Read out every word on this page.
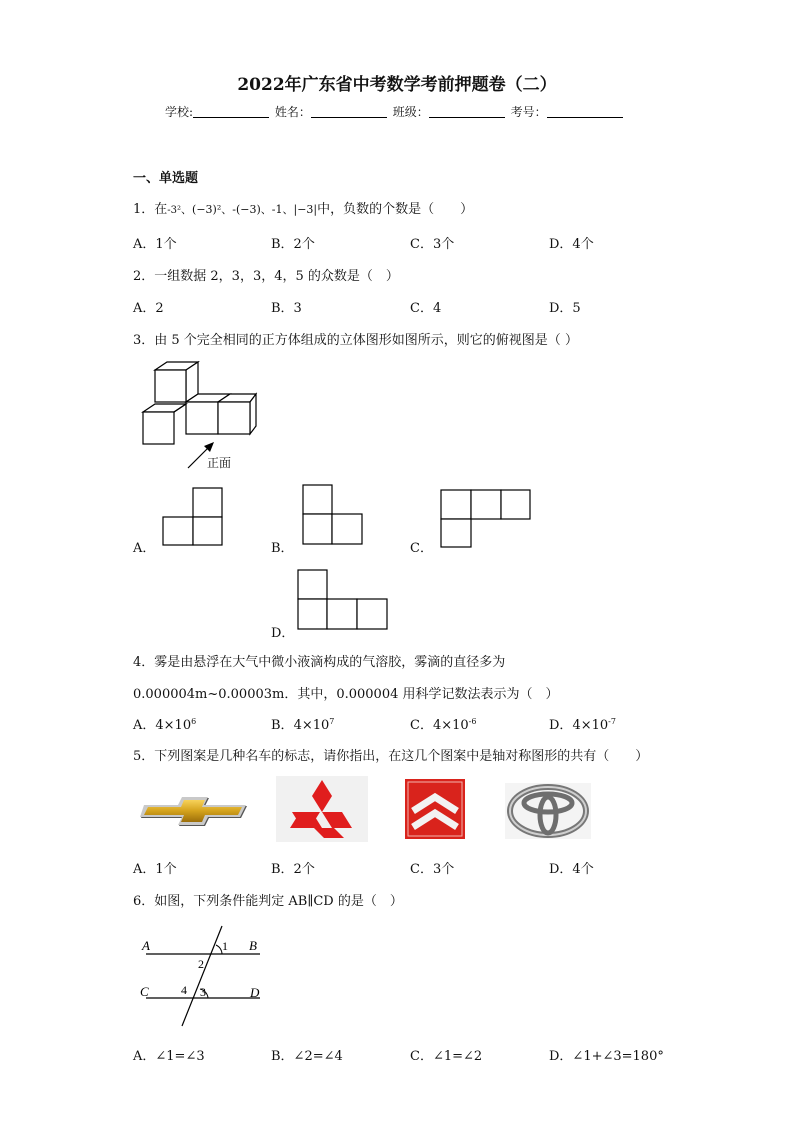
2022年广东省中考数学考前押题卷（二）
学校:	姓名：	班级：	考号：
一、单选题
1．在-3²、(−3)²、-(−3)、-1、|−3|中，负数的个数是（　　）
A．1个	B．2个	C．3个	D．4个
2．一组数据 2，3，3，4，5 的众数是（　）
A．2	B．3	C．4	D．5
3．由 5 个完全相同的正方体组成的立体图形如图所示，则它的俯视图是（ ）
正面
A．	B．	C．
D．
4．雾是由悬浮在大气中微小液滴构成的气溶胶，雾滴的直径多为
0.000004m~0.00003m．其中，0.000004 用科学记数法表示为（　）
A．$4\times 10^6$	B．$4\times 10^7$	C．$4\times 10^{-6}$	D．$4\times 10^{-7}$
5．下列图案是几种名车的标志，请你指出，在这几个图案中是轴对称图形的共有（　　）
A．1个	B．2个	C．3个	D．4个
6．如图，下列条件能判定 AB∥CD 的是（　）
A	B
C	D
1
2
3
4
A．∠1=∠3	B．∠2=∠4	C．∠1=∠2	D．∠1+∠3=180°
